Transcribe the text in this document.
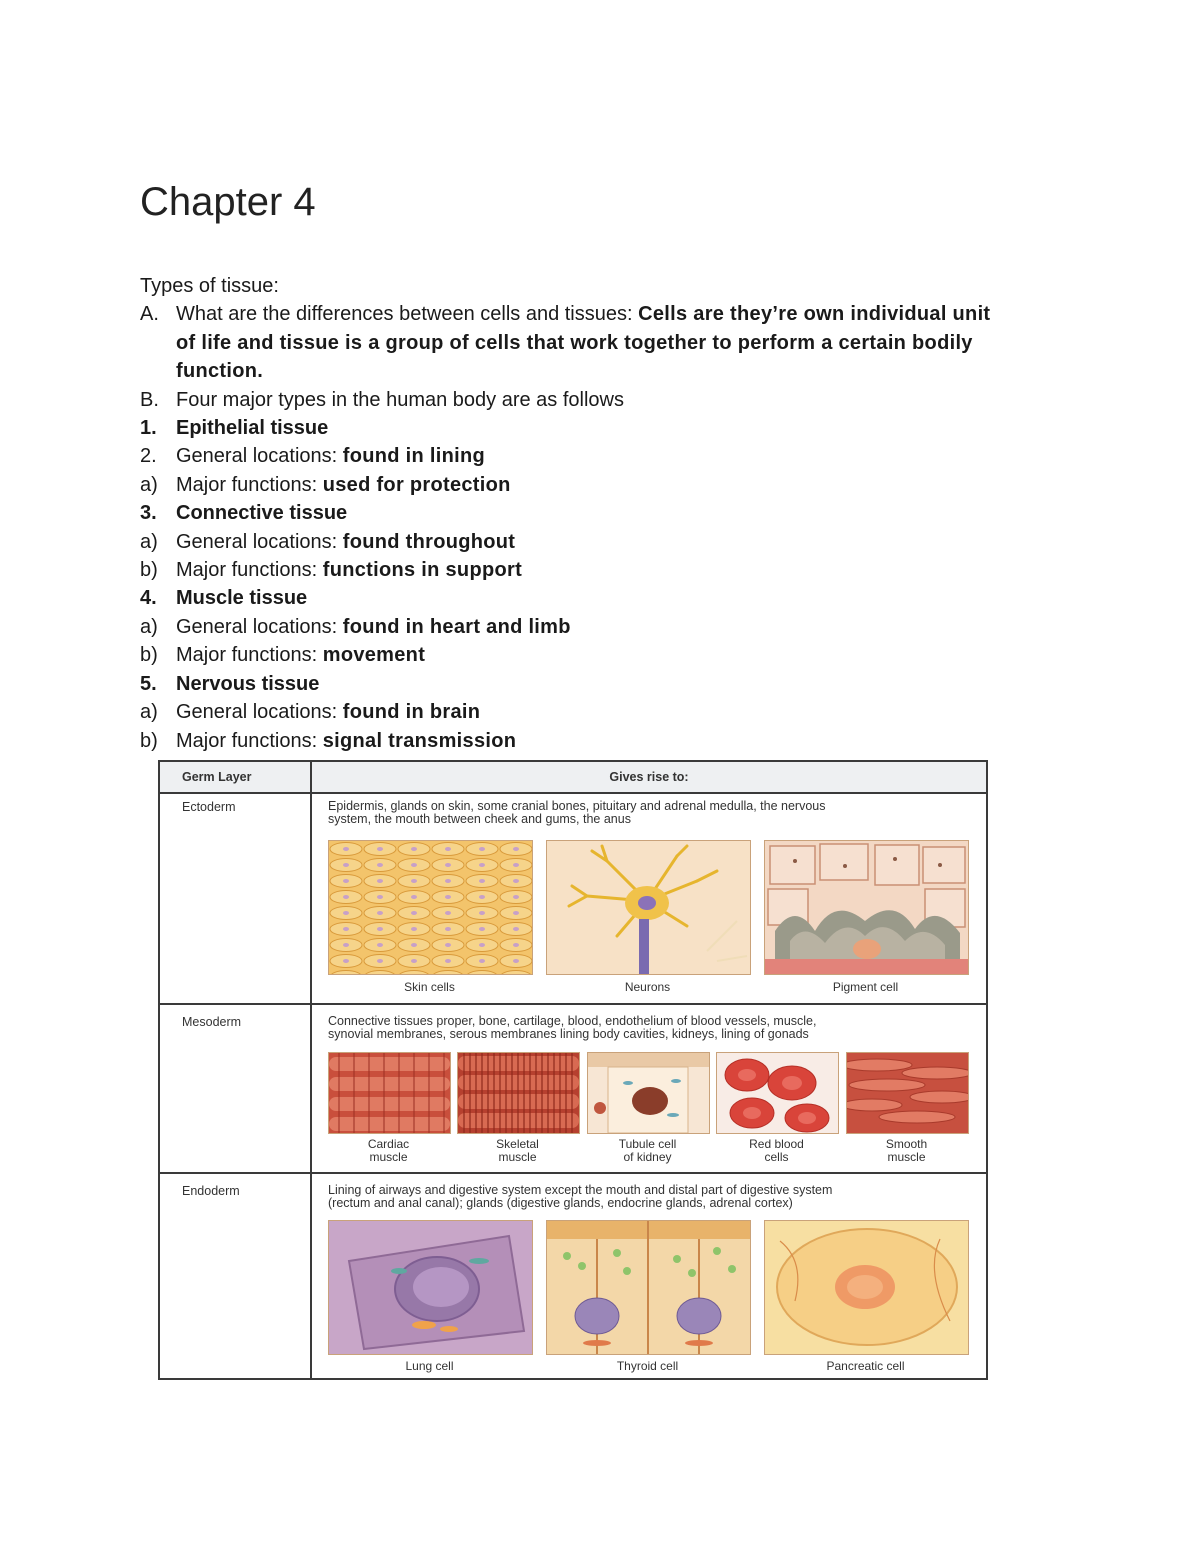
Chapter 4
Types of tissue:
A. What are the differences between cells and tissues: Cells are they’re own individual unit
of life and tissue is a group of cells that work together to perform a certain bodily
function.
B. Four major types in the human body are as follows
1. Epithelial tissue
2. General locations: found in lining
a) Major functions: used for protection
3. Connective tissue
a) General locations: found throughout
b) Major functions: functions in support
4. Muscle tissue
a) General locations: found in heart and limb
b) Major functions: movement
5. Nervous tissue
a) General locations: found in brain
b) Major functions: signal transmission
Germ Layer	Gives rise to:
Ectoderm	Epidermis, glands on skin, some cranial bones, pituitary and adrenal medulla, the nervous
system, the mouth between cheek and gums, the anus
Skin cells	Neurons	Pigment cell
Mesoderm	Connective tissues proper, bone, cartilage, blood, endothelium of blood vessels, muscle,
synovial membranes, serous membranes lining body cavities, kidneys, lining of gonads
Cardiac
muscle
Skeletal
muscle
Tubule cell
of kidney
Red blood
cells
Smooth
muscle
Endoderm	Lining of airways and digestive system except the mouth and distal part of digestive system
(rectum and anal canal); glands (digestive glands, endocrine glands, adrenal cortex)
Lung cell	Thyroid cell	Pancreatic cell
